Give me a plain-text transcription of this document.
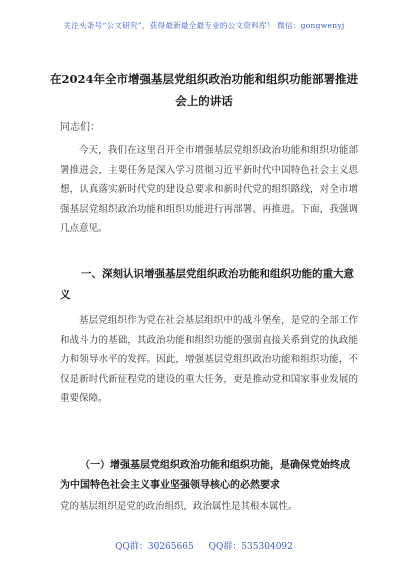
关注头条号“公文研究”，获得最新最全最专业的公文资料库！ 微信：gongwenyj
在2024年全市增强基层党组织政治功能和组织功能部署推进会上的讲话
同志们：
今天，我们在这里召开全市增强基层党组织政治功能和组织功能部署推进会，主要任务是深入学习贯彻习近平新时代中国特色社会主义思想，认真落实新时代党的建设总要求和新时代党的组织路线，对全市增强基层党组织政治功能和组织功能进行再部署、再推进。下面，我强调几点意见。
一、深刻认识增强基层党组织政治功能和组织功能的重大意义
基层党组织作为党在社会基层组织中的战斗堡垒，是党的全部工作和战斗力的基础，其政治功能和组织功能的强弱直接关系到党的执政能力和领导水平的发挥。因此，增强基层党组织政治功能和组织功能，不仅是新时代新征程党的建设的重大任务，更是推动党和国家事业发展的重要保障。
（一）增强基层党组织政治功能和组织功能，是确保党始终成为中国特色社会主义事业坚强领导核心的必然要求
党的基层组织是党的政治组织，政治属性是其根本属性。
QQ群：30265665 QQ群：535304092
